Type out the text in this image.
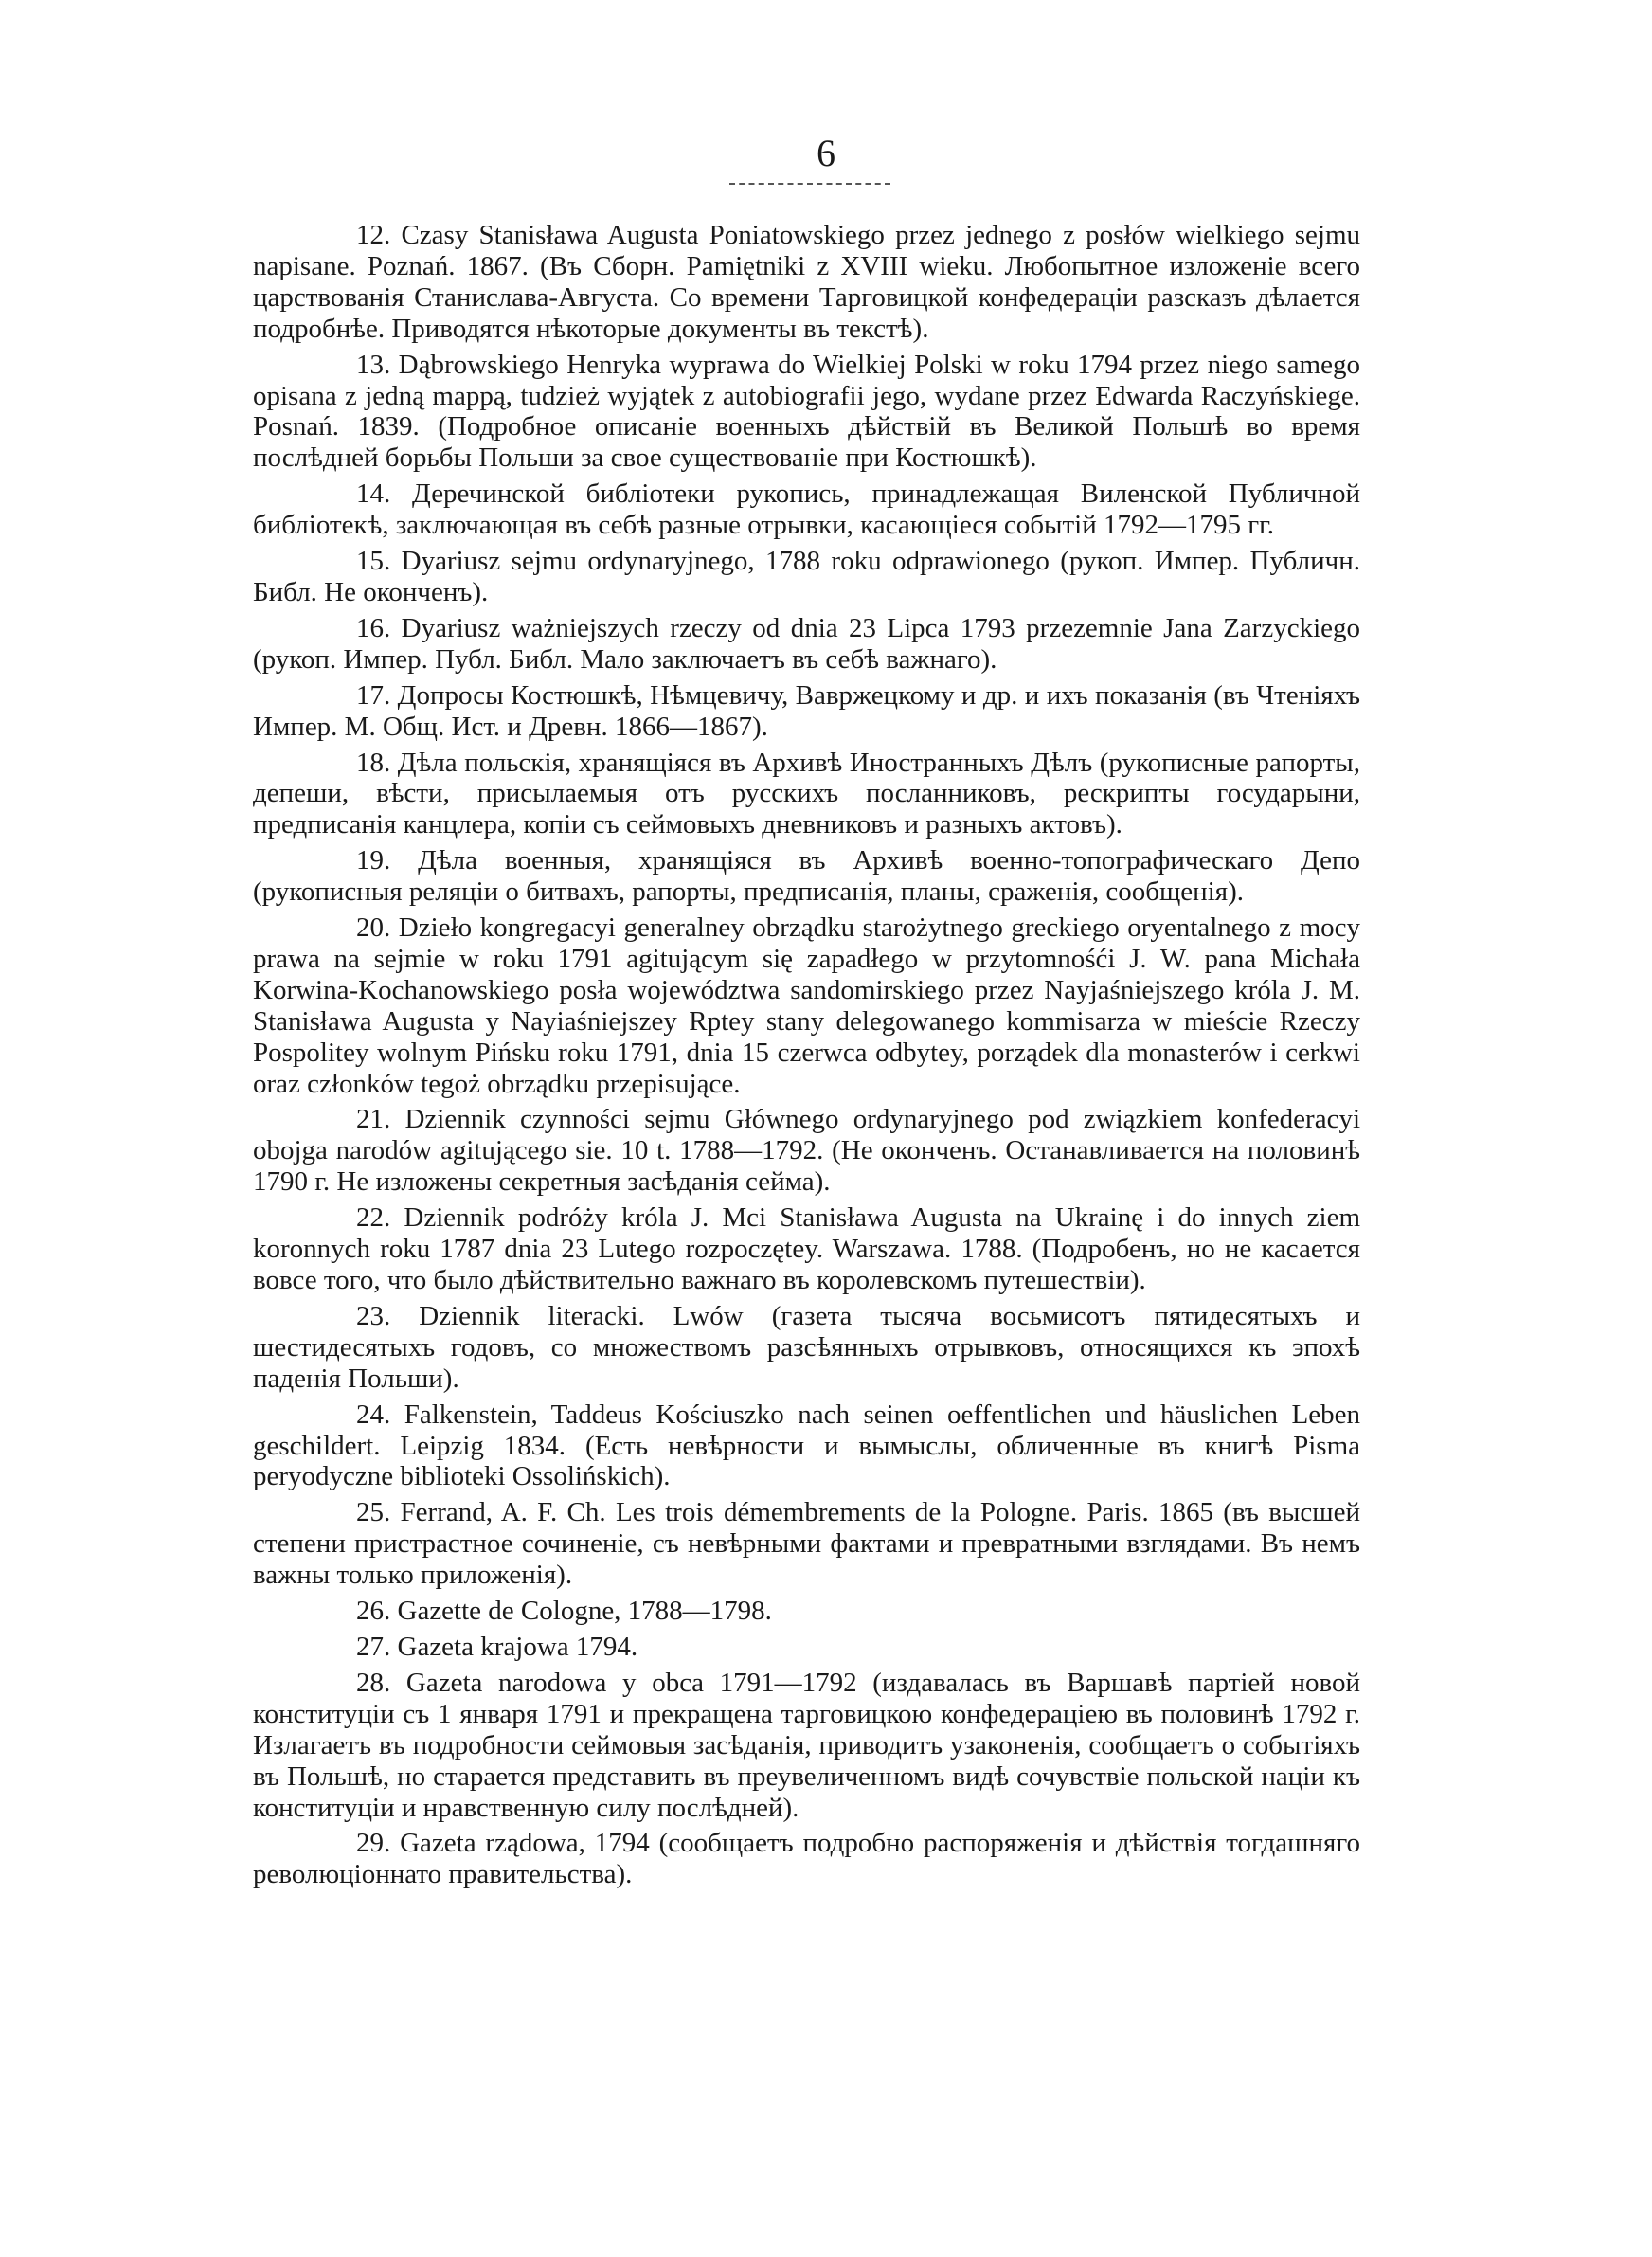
6

12. Czasy Stanisława Augusta Poniatowskiego przez jednego z posłów wielkiego sejmu napisane. Poznań. 1867. (Въ Сборн. Pamiętniki z XVIII wieku. Любопытное изложеніе всего царствованія Станислава-Августа. Со времени Тарговицкой конфедераціи разсказъ дѣлается подробнѣе. Приводятся нѣкоторые документы въ текстѣ).

13. Dąbrowskiego Henryka wyprawa do Wielkiej Polski w roku 1794 przez niego samego opisana z jedną mappą, tudzież wyjątek z autobiografii jego, wydane przez Edwarda Raczyńskiege. Posnań. 1839. (Подробное описаніе военныхъ дѣйствій въ Великой Польшѣ во время послѣдней борьбы Польши за свое существованіе при Костюшкѣ).

14. Деречинской библіотеки рукопись, принадлежащая Виленской Публичной библіотекѣ, заключающая въ себѣ разные отрывки, касающіеся событій 1792—1795 гг.

15. Dyariusz sejmu ordynaryjnego, 1788 roku odprawionego (рукоп. Импер. Публичн. Библ. Не оконченъ).

16. Dyariusz ważniejszych rzeczy od dnia 23 Lipca 1793 przezemnie Jana Zarzyckiego (рукоп. Импер. Публ. Библ. Мало заключаетъ въ себѣ важнаго).

17. Допросы Костюшкѣ, Нѣмцевичу, Вавржецкому и др. и ихъ показанія (въ Чтеніяхъ Импер. М. Общ. Ист. и Древн. 1866—1867).

18. Дѣла польскія, хранящіяся въ Архивѣ Иностранныхъ Дѣлъ (рукописные рапорты, депеши, вѣсти, присылаемыя отъ русскихъ посланниковъ, рескрипты государыни, предписанія канцлера, копіи съ сеймовыхъ дневниковъ и разныхъ актовъ).

19. Дѣла военныя, хранящіяся въ Архивѣ военно-топографическаго Депо (рукописныя реляціи о битвахъ, рапорты, предписанія, планы, сраженія, сообщенія).

20. Dzieło kongregacyi generalney obrządku starożytnego greckiego oryentalnego z mocy prawa na sejmie w roku 1791 agitującym się zapadłego w przytomnośći J. W. pana Michała Korwina-Kochanowskiego posła województwa sandomirskiego przez Nayjaśniejszego króla J. M. Stanisława Augusta y Nayiaśniejszey Rptey stany delegowanego kommisarza w mieście Rzeczy Pospolitey wolnym Pińsku roku 1791, dnia 15 czerwca odbytey, porządek dla monasterów i cerkwi oraz członków tegoż obrządku przepisujące.

21. Dziennik czynności sejmu Głównego ordynaryjnego pod związkiem konfederacyi obojga narodów agitującego sie. 10 t. 1788—1792. (Не оконченъ. Останавливается на половинѣ 1790 г. Не изложены секретныя засѣданія сейма).

22. Dziennik podróży króla J. Mci Stanisława Augusta na Ukrainę i do innych ziem koronnych roku 1787 dnia 23 Lutego rozpoczętey. Warszawa. 1788. (Подробенъ, но не касается вовсе того, что было дѣйствительно важнаго въ королевскомъ путешествіи).

23. Dziennik literacki. Lwów (газета тысяча восьмисотъ пятидесятыхъ и шестидесятыхъ годовъ, со множествомъ разсѣянныхъ отрывковъ, относящихся къ эпохѣ паденія Польши).

24. Falkenstein, Taddeus Kościuszko nach seinen oeffentlichen und häuslichen Leben geschildert. Leipzig 1834. (Есть невѣрности и вымыслы, обличенные въ книгѣ Pisma peryodyczne biblioteki Ossolińskich).

25. Ferrand, A. F. Ch. Les trois démembrements de la Pologne. Paris. 1865 (въ высшей степени пристрастное сочиненіе, съ невѣрными фактами и превратными взглядами. Въ немъ важны только приложенія).

26. Gazette de Cologne, 1788—1798.

27. Gazeta krajowa 1794.

28. Gazeta narodowa y obca 1791—1792 (издавалась въ Варшавѣ партіей новой конституціи съ 1 января 1791 и прекращена тарговицкою конфедераціею въ половинѣ 1792 г. Излагаетъ въ подробности сеймовыя засѣданія, приводитъ узаконенія, сообщаетъ о событіяхъ въ Польшѣ, но старается представить въ преувеличенномъ видѣ сочувствіе польской націи къ конституціи и нравственную силу послѣдней).

29. Gazeta rządowa, 1794 (сообщаетъ подробно распоряженія и дѣйствія тогдашняго революціоннато правительства).
